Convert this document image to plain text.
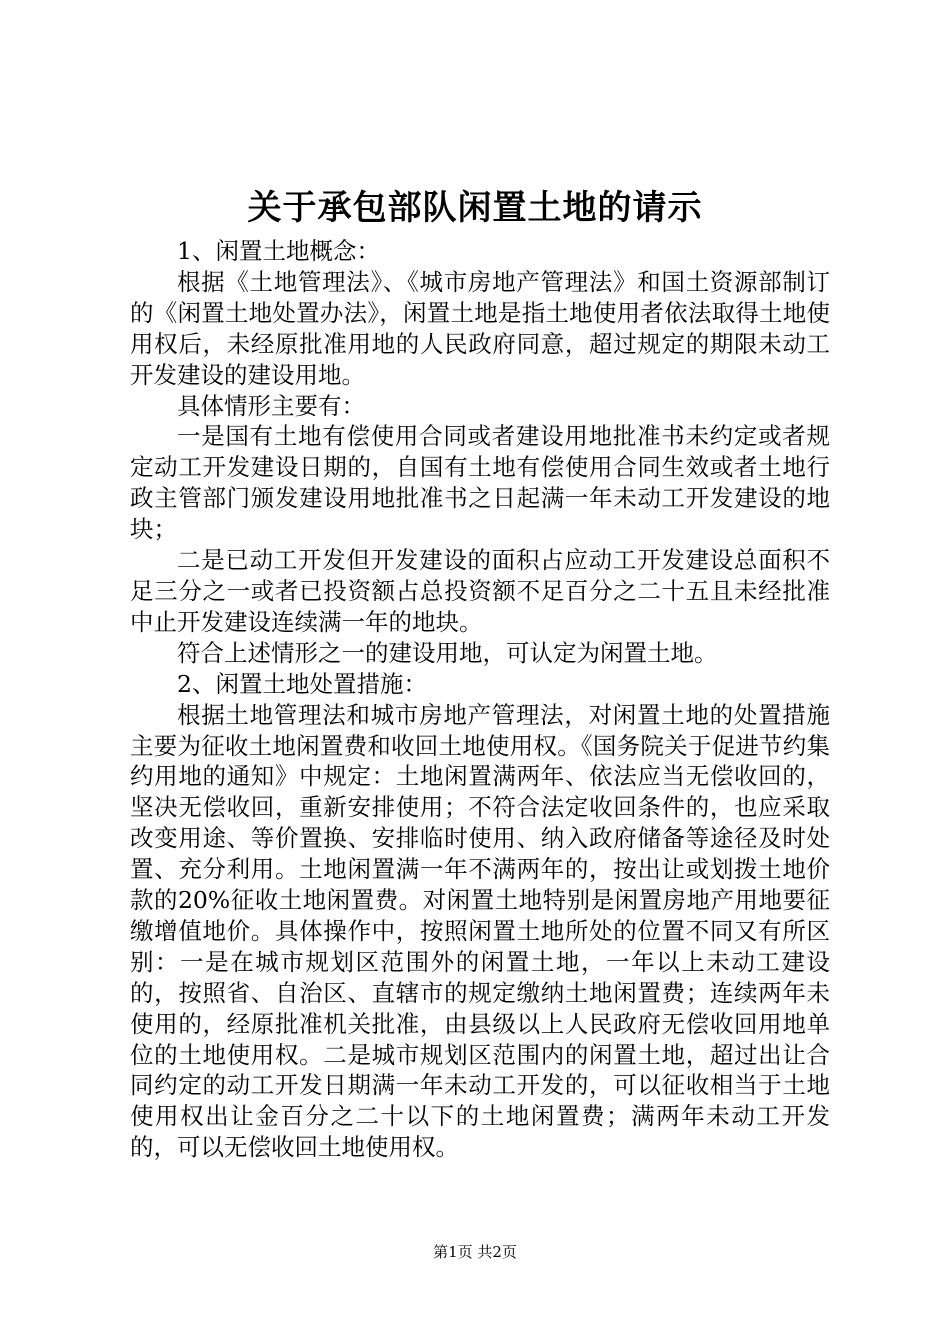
关于承包部队闲置土地的请示

1、闲置土地概念：

根据《土地管理法》、《城市房地产管理法》和国土资源部制订的《闲置土地处置办法》，闲置土地是指土地使用者依法取得土地使用权后，未经原批准用地的人民政府同意，超过规定的期限未动工开发建设的建设用地。

具体情形主要有：

一是国有土地有偿使用合同或者建设用地批准书未约定或者规定动工开发建设日期的，自国有土地有偿使用合同生效或者土地行政主管部门颁发建设用地批准书之日起满一年未动工开发建设的地块；

二是已动工开发但开发建设的面积占应动工开发建设总面积不足三分之一或者已投资额占总投资额不足百分之二十五且未经批准中止开发建设连续满一年的地块。

符合上述情形之一的建设用地，可认定为闲置土地。

2、闲置土地处置措施：

根据土地管理法和城市房地产管理法，对闲置土地的处置措施主要为征收土地闲置费和收回土地使用权。《国务院关于促进节约集约用地的通知》中规定：土地闲置满两年、依法应当无偿收回的，坚决无偿收回，重新安排使用；不符合法定收回条件的，也应采取改变用途、等价置换、安排临时使用、纳入政府储备等途径及时处置、充分利用。土地闲置满一年不满两年的，按出让或划拨土地价款的20%征收土地闲置费。对闲置土地特别是闲置房地产用地要征缴增值地价。具体操作中，按照闲置土地所处的位置不同又有所区别：一是在城市规划区范围外的闲置土地，一年以上未动工建设的，按照省、自治区、直辖市的规定缴纳土地闲置费；连续两年未使用的，经原批准机关批准，由县级以上人民政府无偿收回用地单位的土地使用权。二是城市规划区范围内的闲置土地，超过出让合同约定的动工开发日期满一年未动工开发的，可以征收相当于土地使用权出让金百分之二十以下的土地闲置费；满两年未动工开发的，可以无偿收回土地使用权。

第1页 共2页
